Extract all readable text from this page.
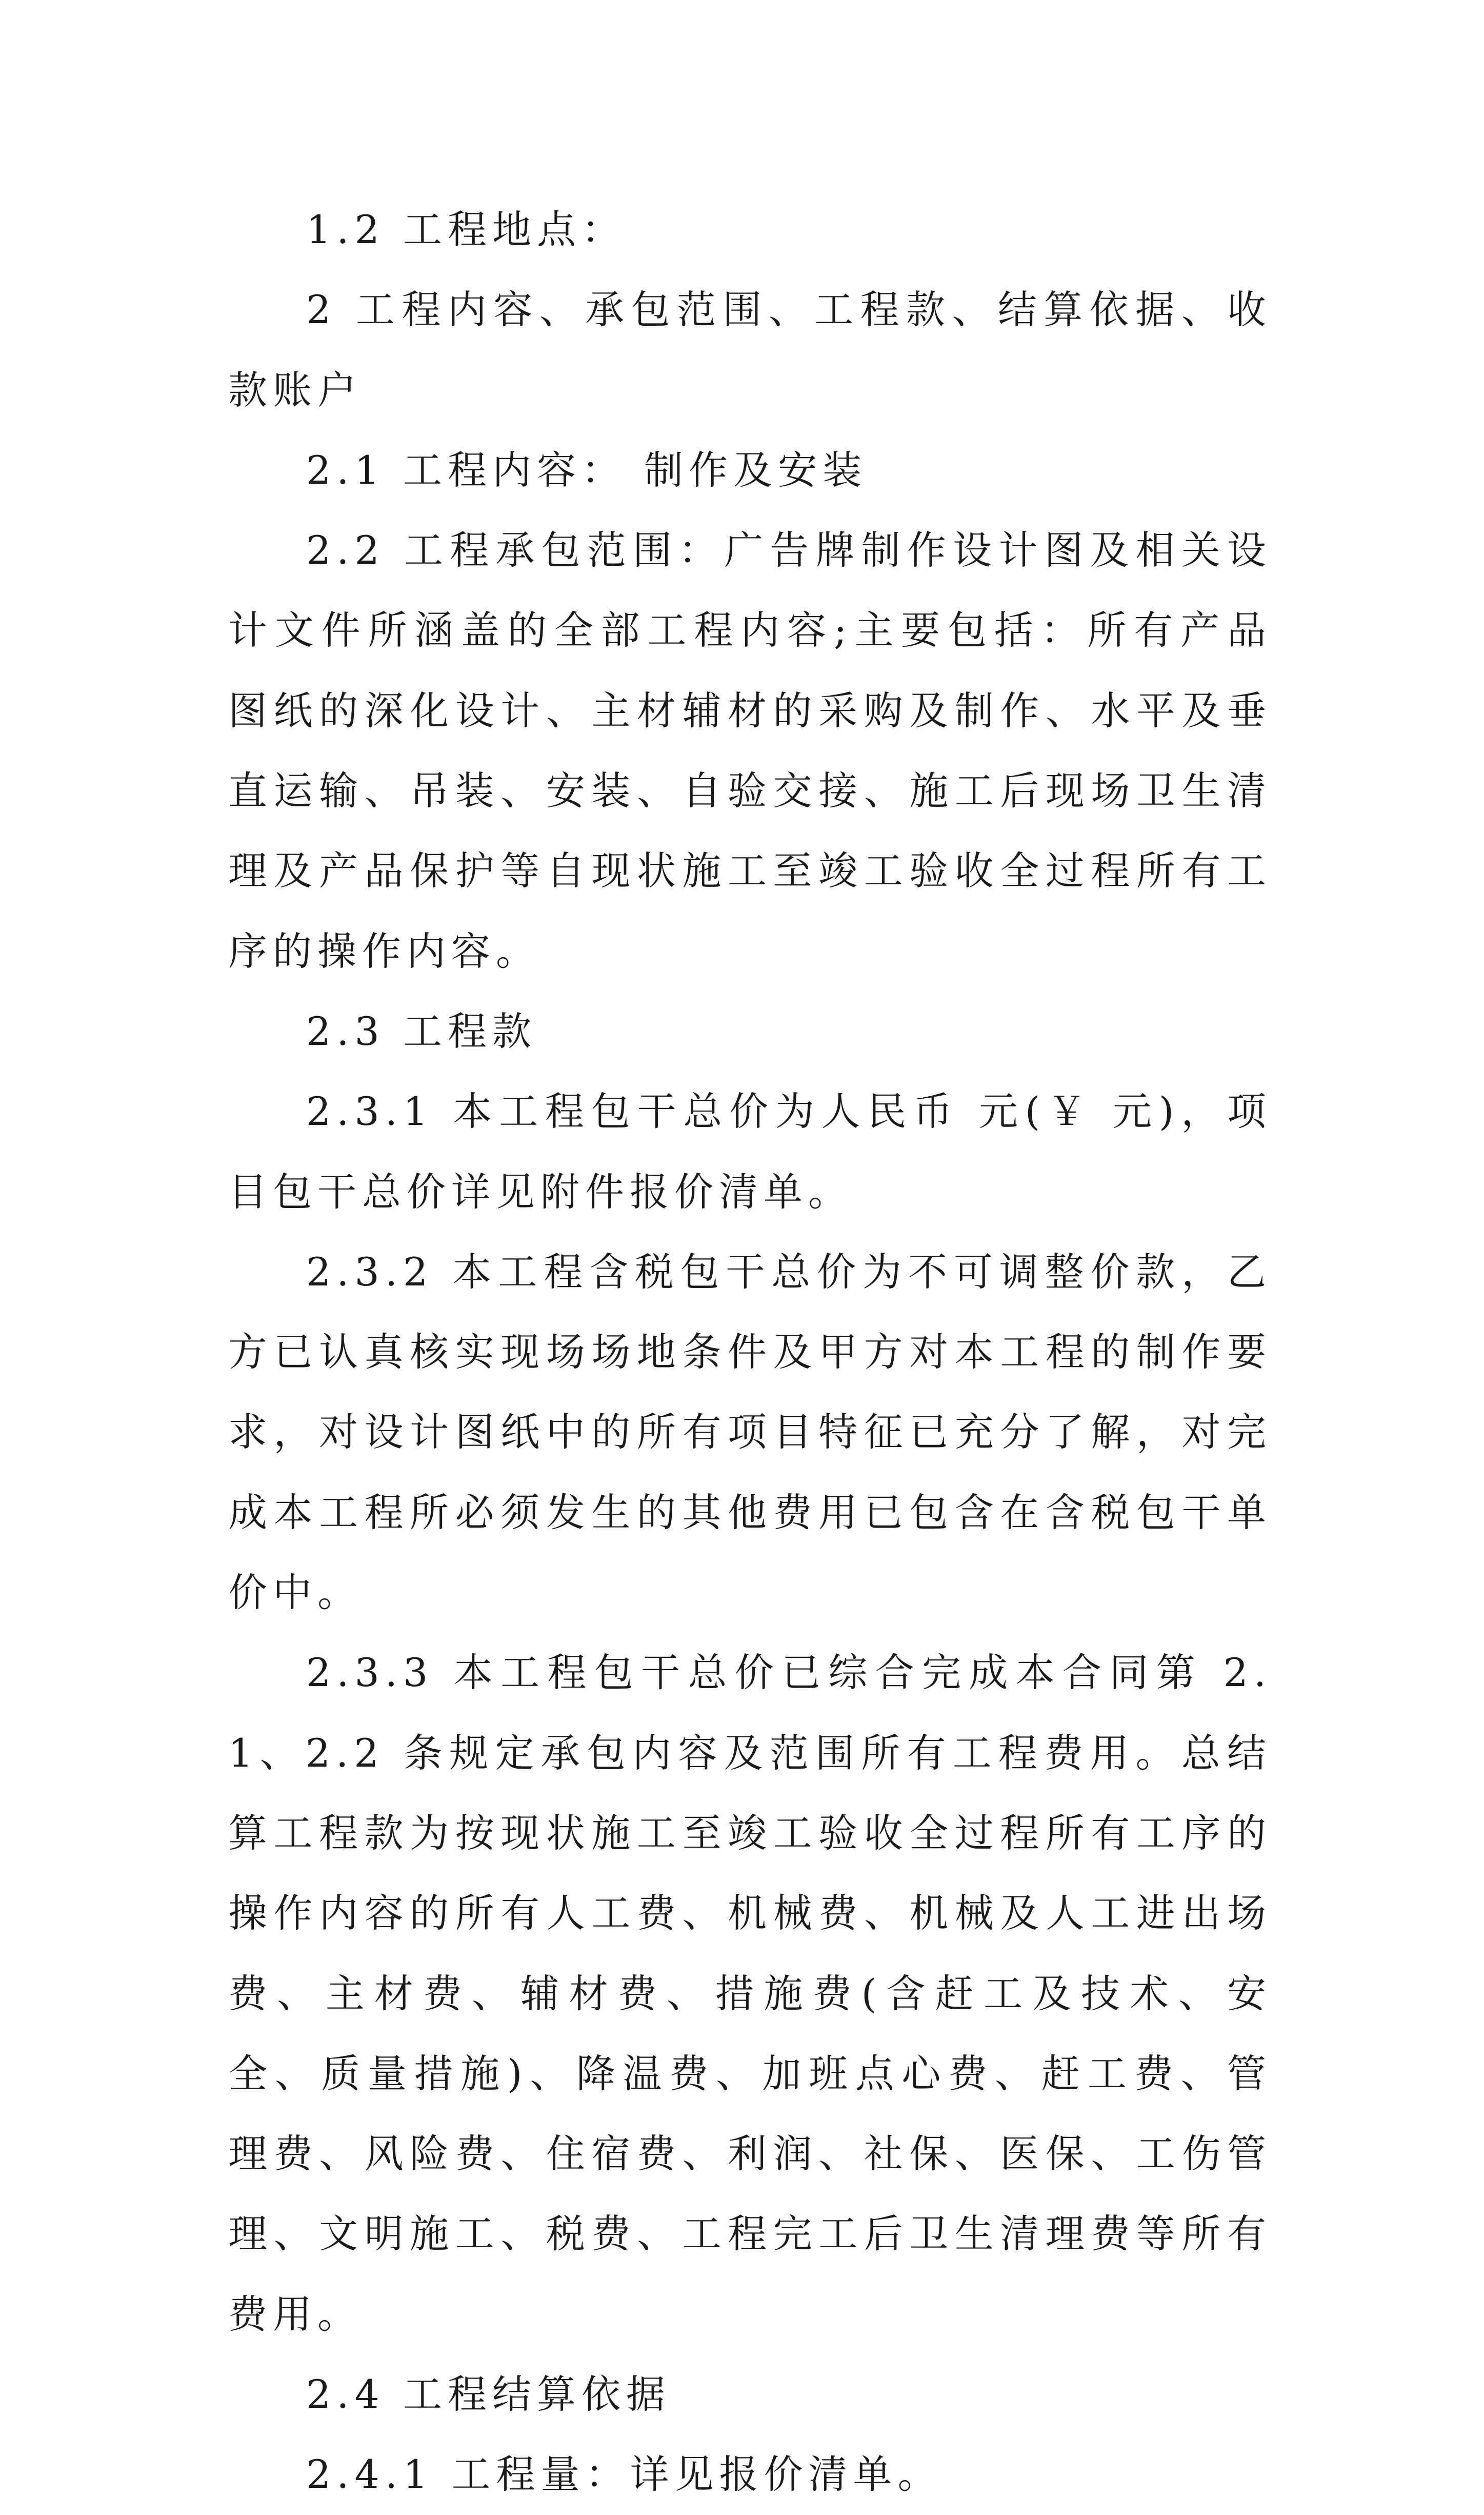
1.2 工程地点：

2 工程内容、承包范围、工程款、结算依据、收款账户

2.1 工程内容： 制作及安装

2.2 工程承包范围：广告牌制作设计图及相关设计文件所涵盖的全部工程内容;主要包括：所有产品图纸的深化设计、主材辅材的采购及制作、水平及垂直运输、吊装、安装、自验交接、施工后现场卫生清理及产品保护等自现状施工至竣工验收全过程所有工序的操作内容。

2.3 工程款

2.3.1 本工程包干总价为人民币 元(￥ 元)，项目包干总价详见附件报价清单。

2.3.2 本工程含税包干总价为不可调整价款，乙方已认真核实现场场地条件及甲方对本工程的制作要求，对设计图纸中的所有项目特征已充分了解，对完成本工程所必须发生的其他费用已包含在含税包干单价中。

2.3.3 本工程包干总价已综合完成本合同第 2.1、2.2 条规定承包内容及范围所有工程费用。总结算工程款为按现状施工至竣工验收全过程所有工序的操作内容的所有人工费、机械费、机械及人工进出场费、主材费、辅材费、措施费(含赶工及技术、安全、质量措施)、降温费、加班点心费、赶工费、管理费、风险费、住宿费、利润、社保、医保、工伤管理、文明施工、税费、工程完工后卫生清理费等所有费用。

2.4 工程结算依据

2.4.1 工程量：详见报价清单。
